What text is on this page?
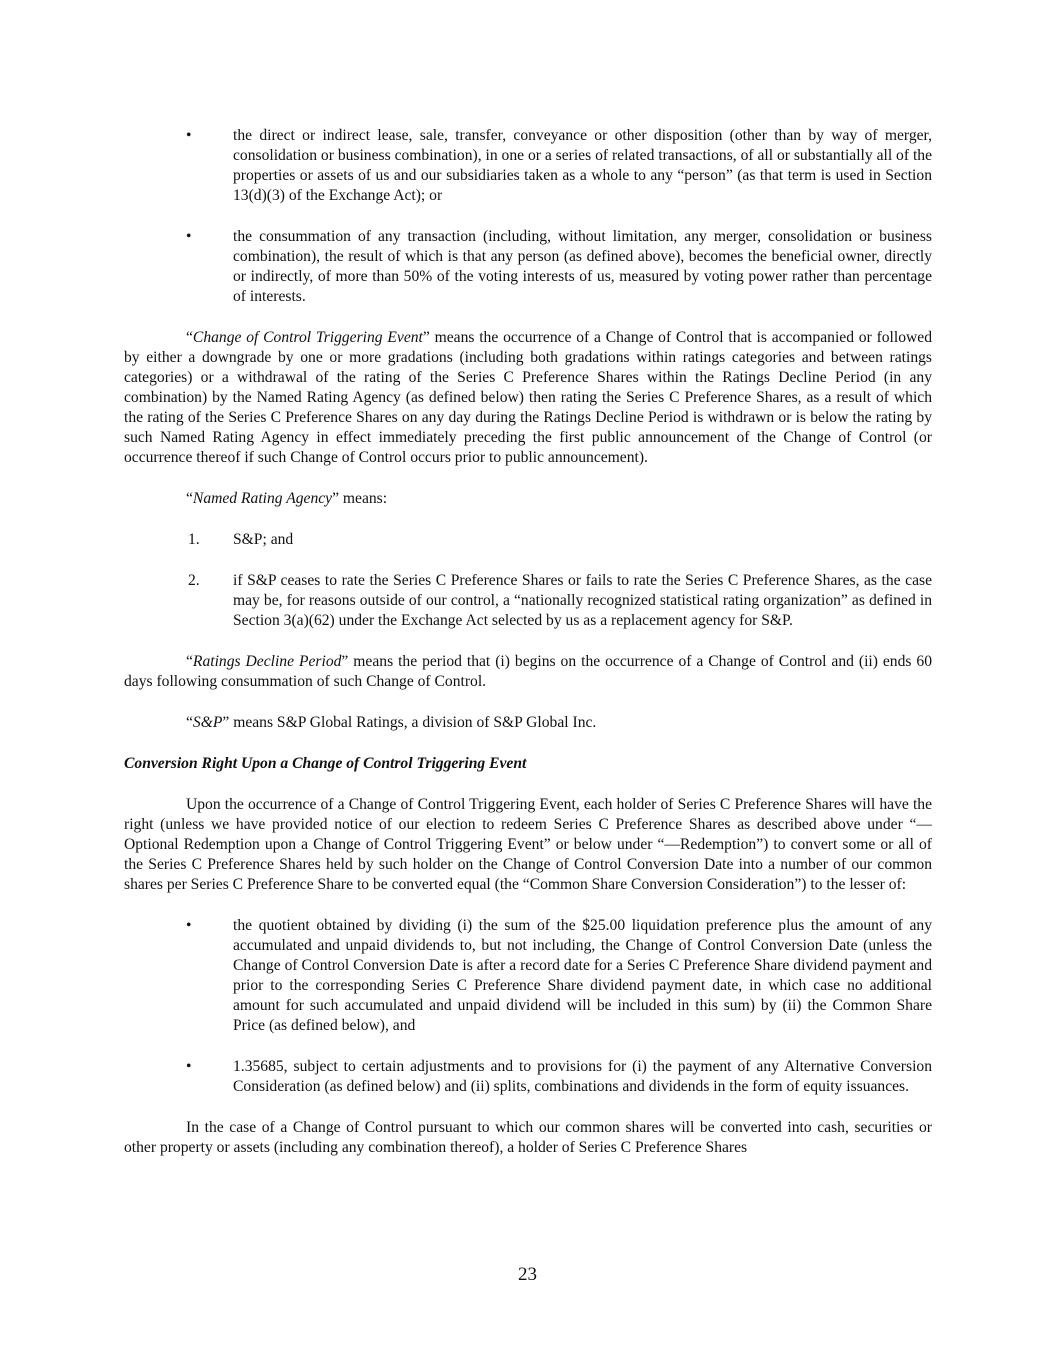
•	the direct or indirect lease, sale, transfer, conveyance or other disposition (other than by way of merger, consolidation or business combination), in one or a series of related transactions, of all or substantially all of the properties or assets of us and our subsidiaries taken as a whole to any “person” (as that term is used in Section 13(d)(3) of the Exchange Act); or
•	the consummation of any transaction (including, without limitation, any merger, consolidation or business combination), the result of which is that any person (as defined above), becomes the beneficial owner, directly or indirectly, of more than 50% of the voting interests of us, measured by voting power rather than percentage of interests.

“Change of Control Triggering Event” means the occurrence of a Change of Control that is accompanied or followed by either a downgrade by one or more gradations (including both gradations within ratings categories and between ratings categories) or a withdrawal of the rating of the Series C Preference Shares within the Ratings Decline Period (in any combination) by the Named Rating Agency (as defined below) then rating the Series C Preference Shares, as a result of which the rating of the Series C Preference Shares on any day during the Ratings Decline Period is withdrawn or is below the rating by such Named Rating Agency in effect immediately preceding the first public announcement of the Change of Control (or occurrence thereof if such Change of Control occurs prior to public announcement).

“Named Rating Agency” means:

1. S&P; and
2. if S&P ceases to rate the Series C Preference Shares or fails to rate the Series C Preference Shares, as the case may be, for reasons outside of our control, a “nationally recognized statistical rating organization” as defined in Section 3(a)(62) under the Exchange Act selected by us as a replacement agency for S&P.

“Ratings Decline Period” means the period that (i) begins on the occurrence of a Change of Control and (ii) ends 60 days following consummation of such Change of Control.

“S&P” means S&P Global Ratings, a division of S&P Global Inc.

Conversion Right Upon a Change of Control Triggering Event

Upon the occurrence of a Change of Control Triggering Event, each holder of Series C Preference Shares will have the right (unless we have provided notice of our election to redeem Series C Preference Shares as described above under “—Optional Redemption upon a Change of Control Triggering Event” or below under “—Redemption”) to convert some or all of the Series C Preference Shares held by such holder on the Change of Control Conversion Date into a number of our common shares per Series C Preference Share to be converted equal (the “Common Share Conversion Consideration”) to the lesser of:

•	the quotient obtained by dividing (i) the sum of the $25.00 liquidation preference plus the amount of any accumulated and unpaid dividends to, but not including, the Change of Control Conversion Date (unless the Change of Control Conversion Date is after a record date for a Series C Preference Share dividend payment and prior to the corresponding Series C Preference Share dividend payment date, in which case no additional amount for such accumulated and unpaid dividend will be included in this sum) by (ii) the Common Share Price (as defined below), and
•	1.35685, subject to certain adjustments and to provisions for (i) the payment of any Alternative Conversion Consideration (as defined below) and (ii) splits, combinations and dividends in the form of equity issuances.

In the case of a Change of Control pursuant to which our common shares will be converted into cash, securities or other property or assets (including any combination thereof), a holder of Series C Preference Shares

23
